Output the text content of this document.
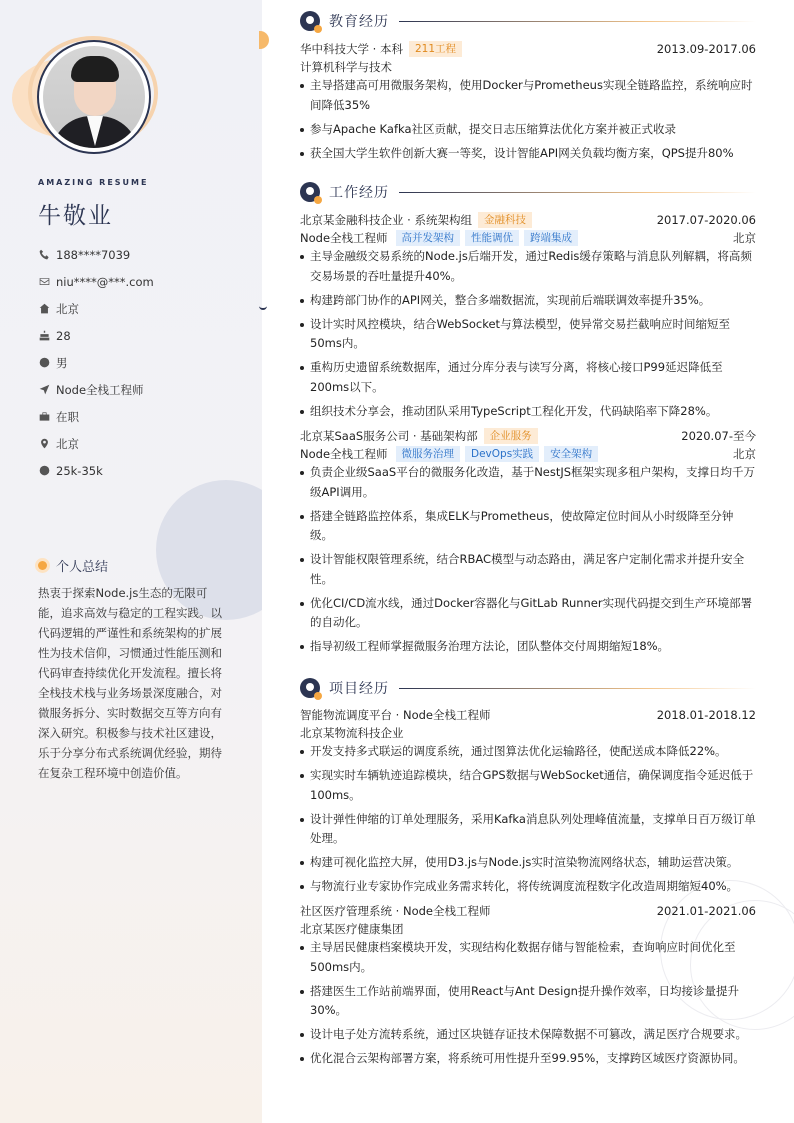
AMAZING RESUME
牛敬业
188****7039
niu****@***.com
北京
28
男
Node全栈工程师
在职
北京
25k-35k
个人总结
热衷于探索Node.js生态的无限可能，追求高效与稳定的工程实践。以代码逻辑的严谨性和系统架构的扩展性为技术信仰，习惯通过性能压测和代码审查持续优化开发流程。擅长将全栈技术栈与业务场景深度融合，对微服务拆分、实时数据交互等方向有深入研究。积极参与技术社区建设，乐于分享分布式系统调优经验，期待在复杂工程环境中创造价值。
教育经历
华中科技大学 · 本科	211工程	2013.09-2017.06
计算机科学与技术
主导搭建高可用微服务架构，使用Docker与Prometheus实现全链路监控，系统响应时间降低35%
参与Apache Kafka社区贡献，提交日志压缩算法优化方案并被正式收录
获全国大学生软件创新大赛一等奖，设计智能API网关负载均衡方案，QPS提升80%
工作经历
北京某金融科技企业 · 系统架构组	金融科技	2017.07-2020.06
Node全栈工程师	高并发架构	性能调优	跨端集成	北京
主导金融级交易系统的Node.js后端开发，通过Redis缓存策略与消息队列解耦，将高频交易场景的吞吐量提升40%。
构建跨部门协作的API网关，整合多端数据流，实现前后端联调效率提升35%。
设计实时风控模块，结合WebSocket与算法模型，使异常交易拦截响应时间缩短至50ms内。
重构历史遗留系统数据库，通过分库分表与读写分离，将核心接口P99延迟降低至200ms以下。
组织技术分享会，推动团队采用TypeScript工程化开发，代码缺陷率下降28%。
北京某SaaS服务公司 · 基础架构部	企业服务	2020.07-至今
Node全栈工程师	微服务治理	DevOps实践	安全架构	北京
负责企业级SaaS平台的微服务化改造，基于NestJS框架实现多租户架构，支撑日均千万级API调用。
搭建全链路监控体系，集成ELK与Prometheus，使故障定位时间从小时级降至分钟级。
设计智能权限管理系统，结合RBAC模型与动态路由，满足客户定制化需求并提升安全性。
优化CI/CD流水线，通过Docker容器化与GitLab Runner实现代码提交到生产环境部署的自动化。
指导初级工程师掌握微服务治理方法论，团队整体交付周期缩短18%。
项目经历
智能物流调度平台 · Node全栈工程师	2018.01-2018.12
北京某物流科技企业
开发支持多式联运的调度系统，通过图算法优化运输路径，使配送成本降低22%。
实现实时车辆轨迹追踪模块，结合GPS数据与WebSocket通信，确保调度指令延迟低于100ms。
设计弹性伸缩的订单处理服务，采用Kafka消息队列处理峰值流量，支撑单日百万级订单处理。
构建可视化监控大屏，使用D3.js与Node.js实时渲染物流网络状态，辅助运营决策。
与物流行业专家协作完成业务需求转化，将传统调度流程数字化改造周期缩短40%。
社区医疗管理系统 · Node全栈工程师	2021.01-2021.06
北京某医疗健康集团
主导居民健康档案模块开发，实现结构化数据存储与智能检索，查询响应时间优化至500ms内。
搭建医生工作站前端界面，使用React与Ant Design提升操作效率，日均接诊量提升30%。
设计电子处方流转系统，通过区块链存证技术保障数据不可篡改，满足医疗合规要求。
优化混合云架构部署方案，将系统可用性提升至99.95%，支撑跨区域医疗资源协同。
